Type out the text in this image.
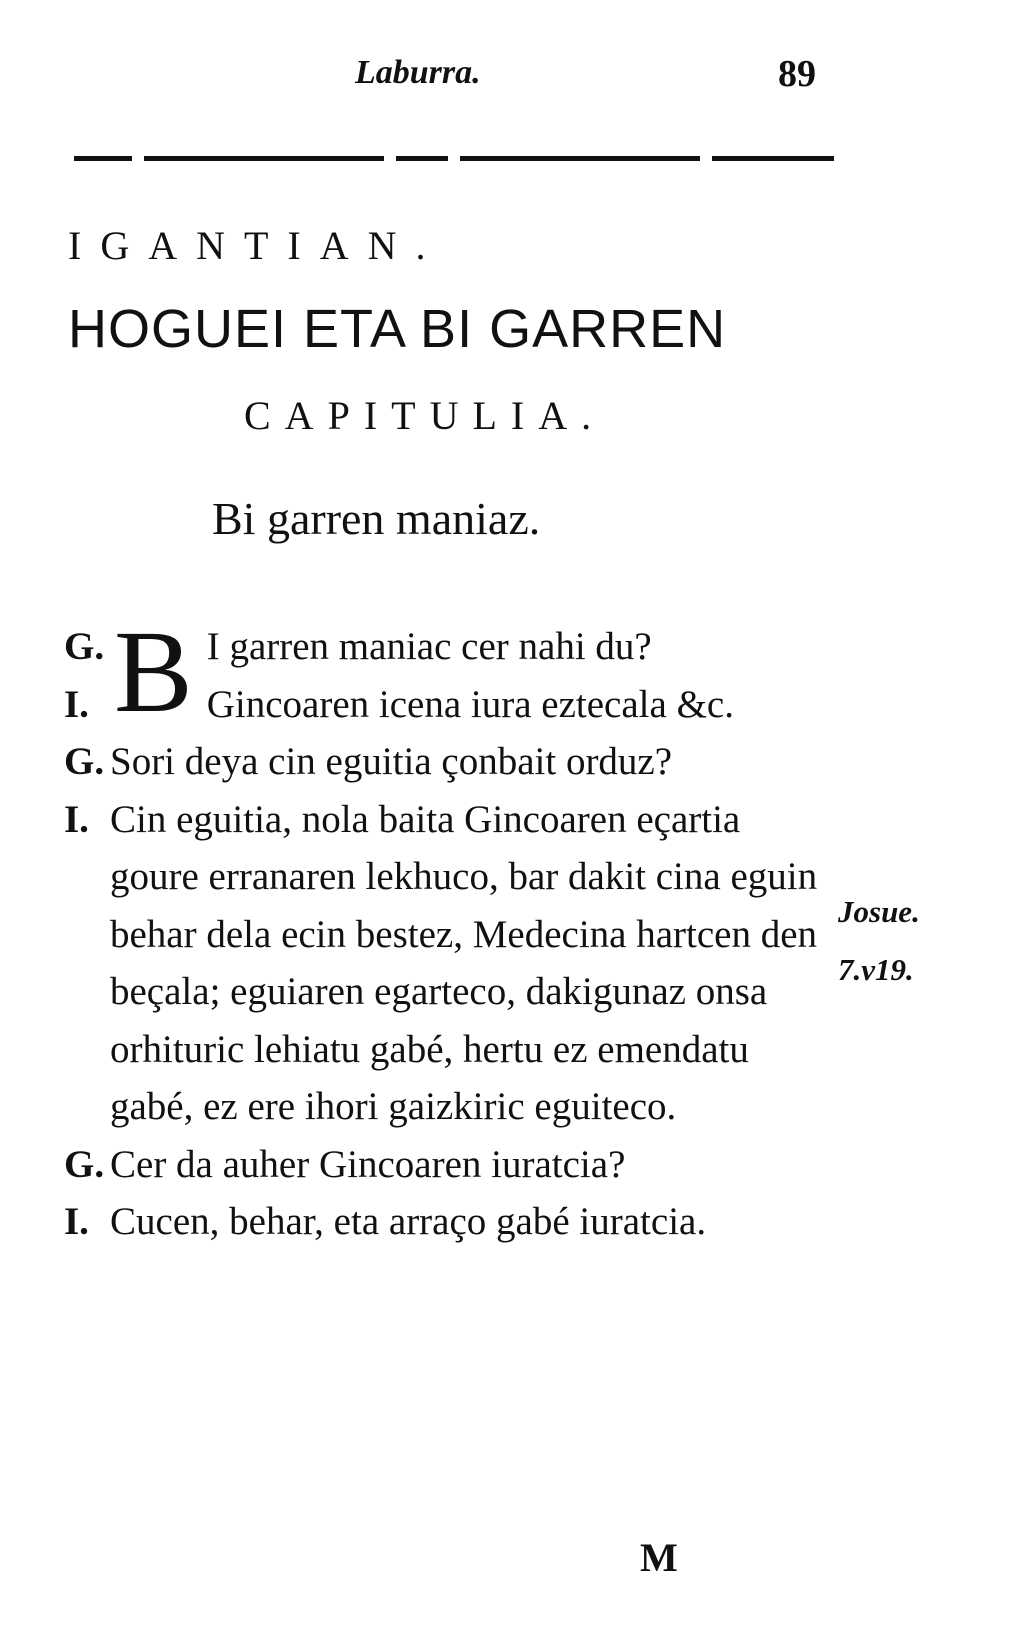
Laburra.	89
IGANTIAN.
HOGUEI ETA BI GARREN
CAPITULIA.
Bi garren maniaz.
G.
I. B I garren maniac cer nahi du?
Gincoaren icena iura eztecala &c.
G. Sori deya cin eguitia çonbait orduz?
I. Cin eguitia, nola baita Gincoaren eçartia goure erranaren lekhuco, bar dakit cina eguin behar dela ecin bestez, Medecina hartcen den beçala; eguiaren egarteco, dakigunaz onsa orhituric lehiatu gabé, hertu ez emendatu gabé, ez ere ihori gaizkiric eguiteco.
G. Cer da auher Gincoaren iuratcia?
I. Cucen, behar, eta arraço gabé iuratcia.
Josue.
7.v19.
M
